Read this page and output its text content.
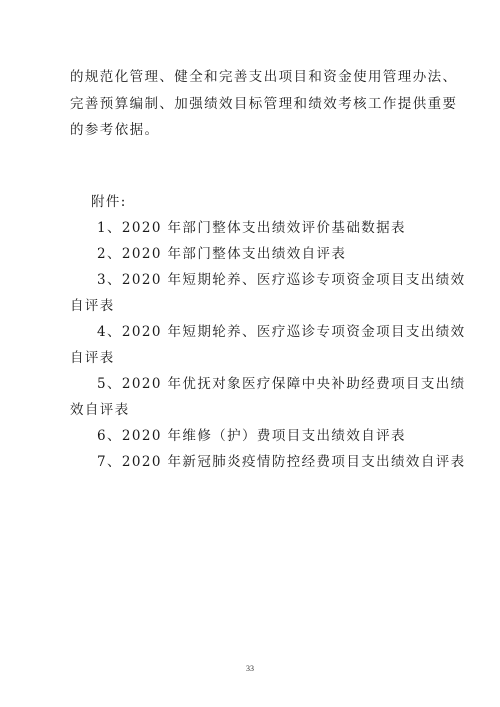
的规范化管理、健全和完善支出项目和资金使用管理办法、
完善预算编制、加强绩效目标管理和绩效考核工作提供重要
的参考依据。
附件:
1、2020 年部门整体支出绩效评价基础数据表
2、2020 年部门整体支出绩效自评表
3、2020 年短期轮养、医疗巡诊专项资金项目支出绩效
自评表
4、2020 年短期轮养、医疗巡诊专项资金项目支出绩效
自评表
5、2020 年优抚对象医疗保障中央补助经费项目支出绩
效自评表
6、2020 年维修（护）费项目支出绩效自评表
7、2020 年新冠肺炎疫情防控经费项目支出绩效自评表
33
